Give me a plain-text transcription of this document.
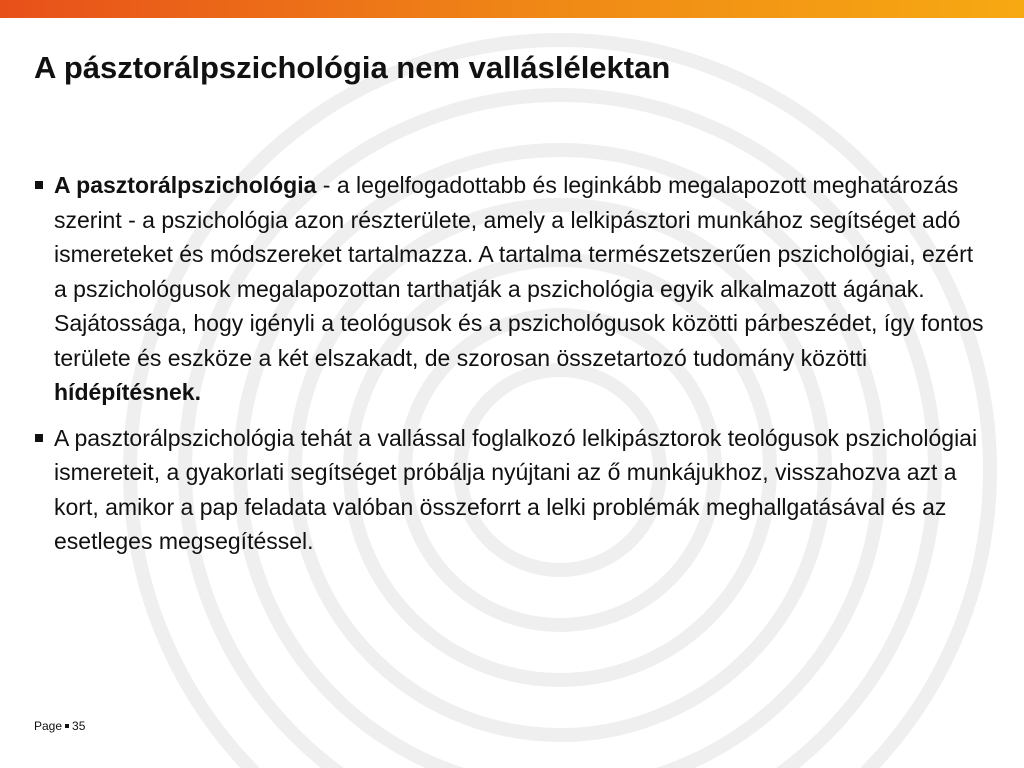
A pásztorálpszichológia nem valláslélektan
A pasztorálpszichológia - a legelfogadottabb és leginkább megalapozott meghatározás szerint - a pszichológia azon részterülete, amely a lelkipásztori munkához segítséget adó ismereteket és módszereket tartalmazza. A tartalma természetszerűen pszichológiai, ezért a pszichológusok megalapozottan tarthatják a pszichológia egyik alkalmazott ágának. Sajátossága, hogy igényli a teológusok és a pszichológusok közötti párbeszédet, így fontos területe és eszköze a két elszakadt, de szorosan összetartozó tudomány közötti hídépítésnek.
A pasztorálpszichológia tehát a vallással foglalkozó lelkipásztorok teológusok pszichológiai ismereteit, a gyakorlati segítséget próbálja nyújtani az ő munkájukhoz, visszahozva azt a kort, amikor a pap feladata valóban összeforrt a lelki problémák meghallgatásával és az esetleges megsegítéssel.
Page 35
